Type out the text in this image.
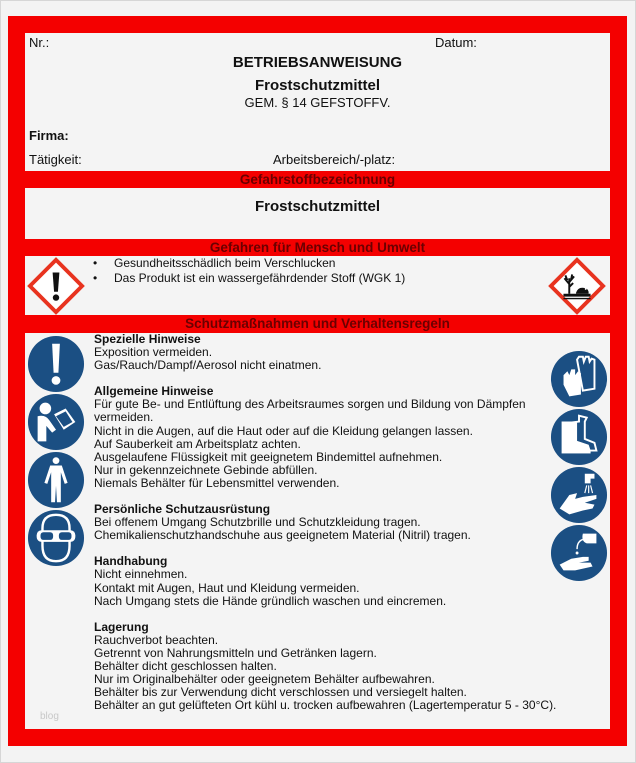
Nr.:	Datum:
BETRIEBSANWEISUNG
Frostschutzmittel
GEM. § 14 GEFSTOFFV.
Firma:
Tätigkeit:	Arbeitsbereich/-platz:
Gefahrstoffbezeichnung
Frostschutzmittel
Gefahren für Mensch und Umwelt
• Gesundheitsschädlich beim Verschlucken
• Das Produkt ist ein wassergefährdender Stoff (WGK 1)
Schutzmaßnahmen und Verhaltensregeln
Spezielle Hinweise
Exposition vermeiden.
Gas/Rauch/Dampf/Aerosol nicht einatmen.
Allgemeine Hinweise
Für gute Be- und Entlüftung des Arbeitsraumes sorgen und Bildung von Dämpfen
vermeiden.
Nicht in die Augen, auf die Haut oder auf die Kleidung gelangen lassen.
Auf Sauberkeit am Arbeitsplatz achten.
Ausgelaufene Flüssigkeit mit geeignetem Bindemittel aufnehmen.
Nur in gekennzeichnete Gebinde abfüllen.
Niemals Behälter für Lebensmittel verwenden.
Persönliche Schutzausrüstung
Bei offenem Umgang Schutzbrille und Schutzkleidung tragen.
Chemikalienschutzhandschuhe aus geeignetem Material (Nitril) tragen.
Handhabung
Nicht einnehmen.
Kontakt mit Augen, Haut und Kleidung vermeiden.
Nach Umgang stets die Hände gründlich waschen und eincremen.
Lagerung
Rauchverbot beachten.
Getrennt von Nahrungsmitteln und Getränken lagern.
Behälter dicht geschlossen halten.
Nur im Originalbehälter oder geeignetem Behälter aufbewahren.
Behälter bis zur Verwendung dicht verschlossen und versiegelt halten.
Behälter an gut gelüfteten Ort kühl u. trocken aufbewahren (Lagertemperatur 5 - 30°C).
blog
